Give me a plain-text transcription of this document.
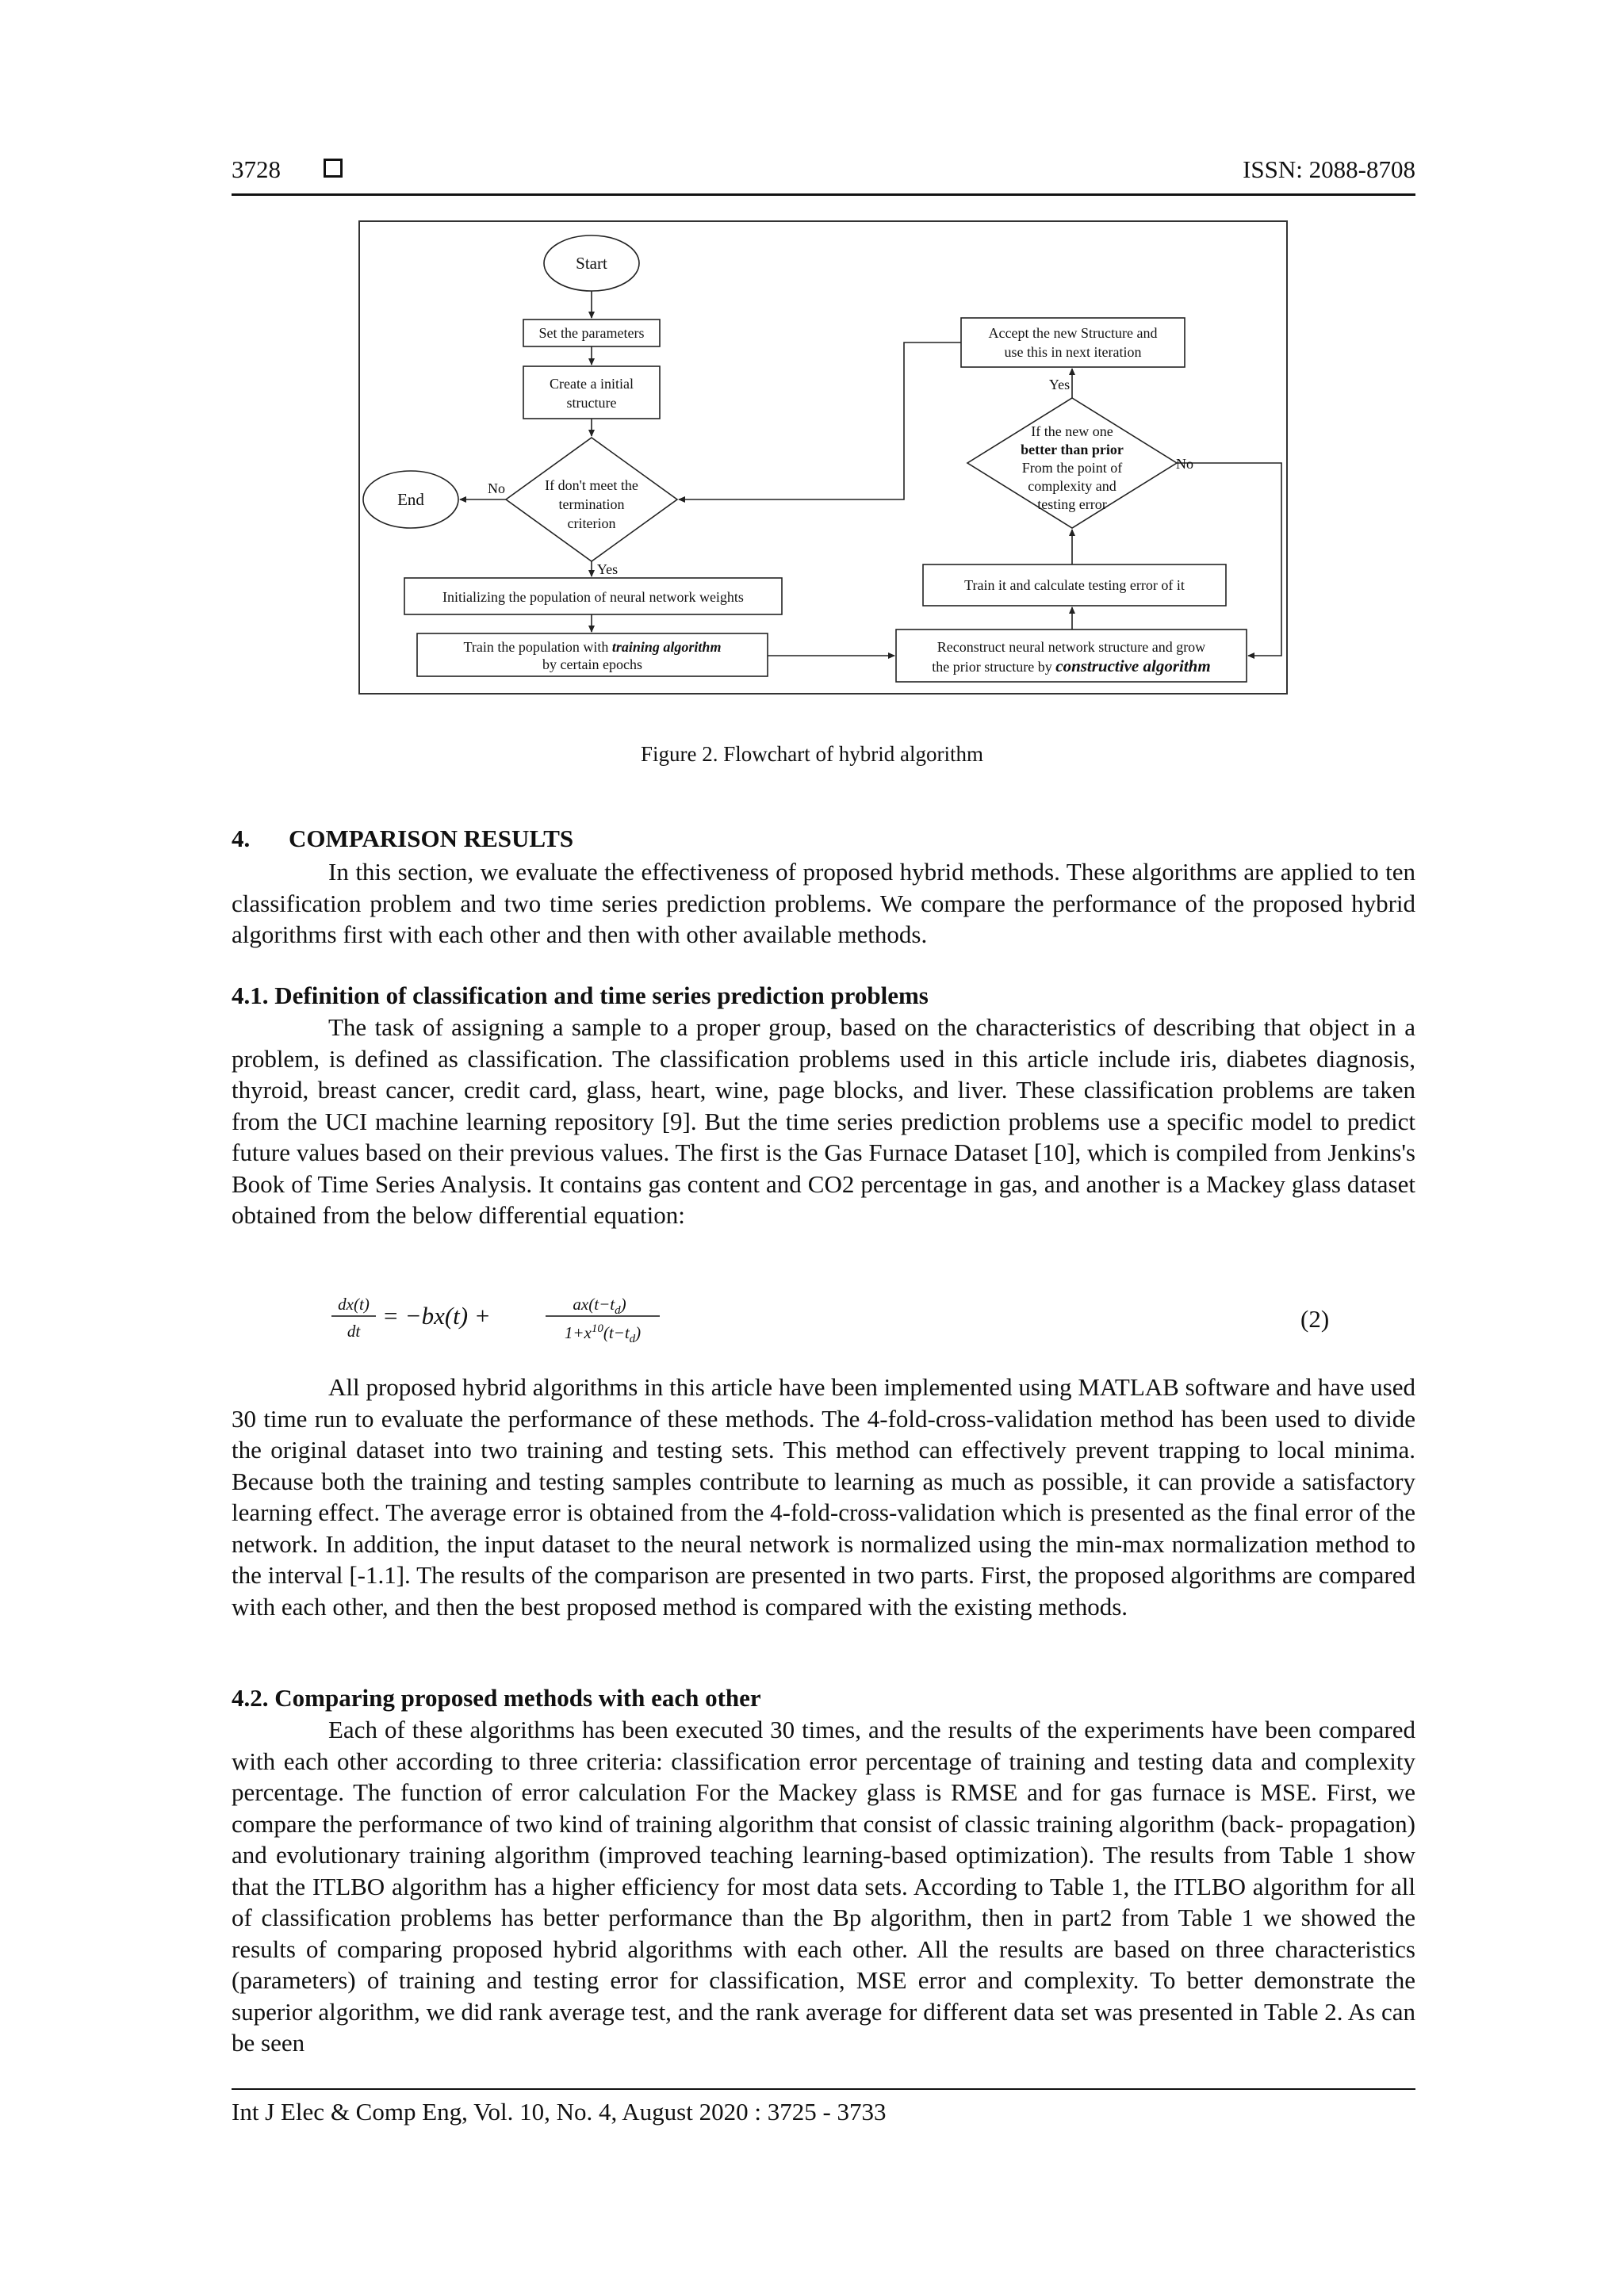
3728	ISSN: 2088-8708
Start
Set the parameters
Create a initial
structure
End
If don't meet the
termination
criterion
No
Yes
Initializing the population of neural network weights
Train the population with training algorithm
by certain epochs
Accept the new Structure and
use this in next iteration
Yes
If the new one
better than prior
From the point of
complexity and
testing error
No
Train it and calculate testing error of it
Reconstruct neural network structure and grow
the prior structure by constructive algorithm
Figure 2. Flowchart of hybrid algorithm
4. COMPARISON RESULTS

In this section, we evaluate the effectiveness of proposed hybrid methods. These algorithms are applied to ten classification problem and two time series prediction problems. We compare the performance of the proposed hybrid algorithms first with each other and then with other available methods.

4.1. Definition of classification and time series prediction problems

The task of assigning a sample to a proper group, based on the characteristics of describing that object in a problem, is defined as classification. The classification problems used in this article include iris, diabetes diagnosis, thyroid, breast cancer, credit card, glass, heart, wine, page blocks, and liver. These classification problems are taken from the UCI machine learning repository [9]. But the time series prediction problems use a specific model to predict future values based on their previous values. The first is the Gas Furnace Dataset [10], which is compiled from Jenkins's Book of Time Series Analysis. It contains gas content and CO2 percentage in gas, and another is a Mackey glass dataset obtained from the below differential equation:

dx(t)
dt
= −bx(t) +	$ax(t-t_d)$
$1+x^{10}(t-t_d)$	(2)

All proposed hybrid algorithms in this article have been implemented using MATLAB software and have used 30 time run to evaluate the performance of these methods. The 4-fold-cross-validation method has been used to divide the original dataset into two training and testing sets. This method can effectively prevent trapping to local minima. Because both the training and testing samples contribute to learning as much as possible, it can provide a satisfactory learning effect. The average error is obtained from the 4-fold-cross-validation which is presented as the final error of the network. In addition, the input dataset to the neural network is normalized using the min-max normalization method to the interval [-1.1]. The results of the comparison are presented in two parts. First, the proposed algorithms are compared with each other, and then the best proposed method is compared with the existing methods.

4.2. Comparing proposed methods with each other

Each of these algorithms has been executed 30 times, and the results of the experiments have been compared with each other according to three criteria: classification error percentage of training and testing data and complexity percentage. The function of error calculation For the Mackey glass is RMSE and for gas furnace is MSE. First, we compare the performance of two kind of training algorithm that consist of classic training algorithm (back- propagation) and evolutionary training algorithm (improved teaching learning-based optimization). The results from Table 1 show that the ITLBO algorithm has a higher efficiency for most data sets. According to Table 1, the ITLBO algorithm for all of classification problems has better performance than the Bp algorithm, then in part2 from Table 1 we showed the results of comparing proposed hybrid algorithms with each other. All the results are based on three characteristics (parameters) of training and testing error for classification, MSE error and complexity. To better demonstrate the superior algorithm, we did rank average test, and the rank average for different data set was presented in Table 2. As can be seen

Int J Elec & Comp Eng, Vol. 10, No. 4, August 2020 : 3725 - 3733
